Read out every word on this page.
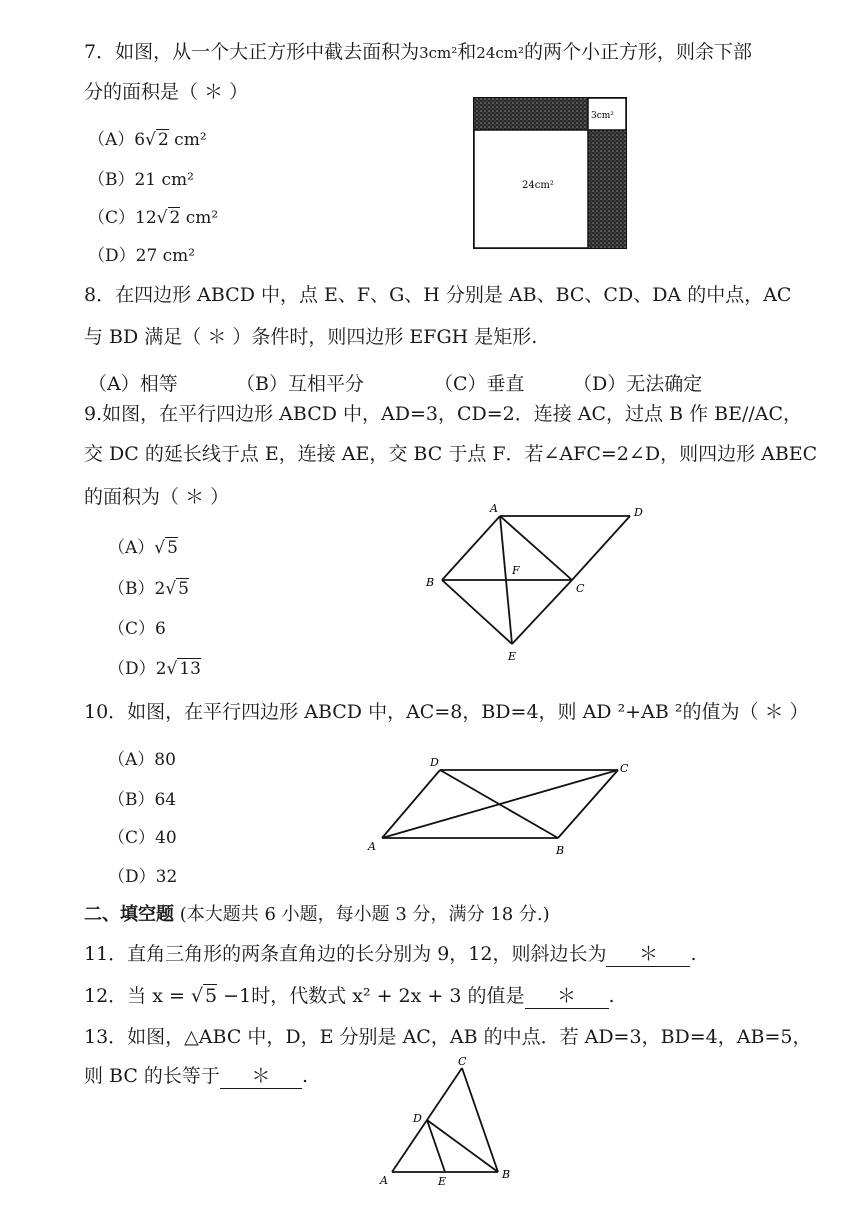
7．如图，从一个大正方形中截去面积为3cm²和24cm²的两个小正方形，则余下部
分的面积是（ ＊ ）
（A）6√ 2 cm²
（B）21 cm²
（C）12√ 2 cm²
（D）27 cm²
3cm²
24cm²
8．在四边形 ABCD 中，点 E、F、G、H 分别是 AB、BC、CD、DA 的中点，AC
与 BD 满足（ ＊ ）条件时，则四边形 EFGH 是矩形.
（A）相等	（B）互相平分	（C）垂直	（D）无法确定
9.如图，在平行四边形 ABCD 中，AD=3，CD=2．连接 AC，过点 B 作 BE//AC，
交 DC 的延长线于点 E，连接 AE，交 BC 于点 F．若∠AFC=2∠D，则四边形 ABEC
的面积为（ ＊ ）
（A）√ 5
（B）2√ 5
（C）6
（D）2√ 13
A	D
B	C
F
E
10．如图，在平行四边形 ABCD 中，AC=8，BD=4，则 AD ²+AB ²的值为（ ＊ ）
（A）80
（B）64
（C）40
（D）32
D	C
A	B
二、填空题 (本大题共 6 小题，每小题 3 分，满分 18 分.)
11．直角三角形的两条直角边的长分别为 9，12，则斜边长为 ＊ .
12．当 x = √ 5 −1时，代数式 x² + 2x + 3 的值是 ＊ .
13．如图，△ABC 中，D，E 分别是 AC，AB 的中点．若 AD=3，BD=4，AB=5，
则 BC 的长等于 ＊ .
C
D
A	E
B
